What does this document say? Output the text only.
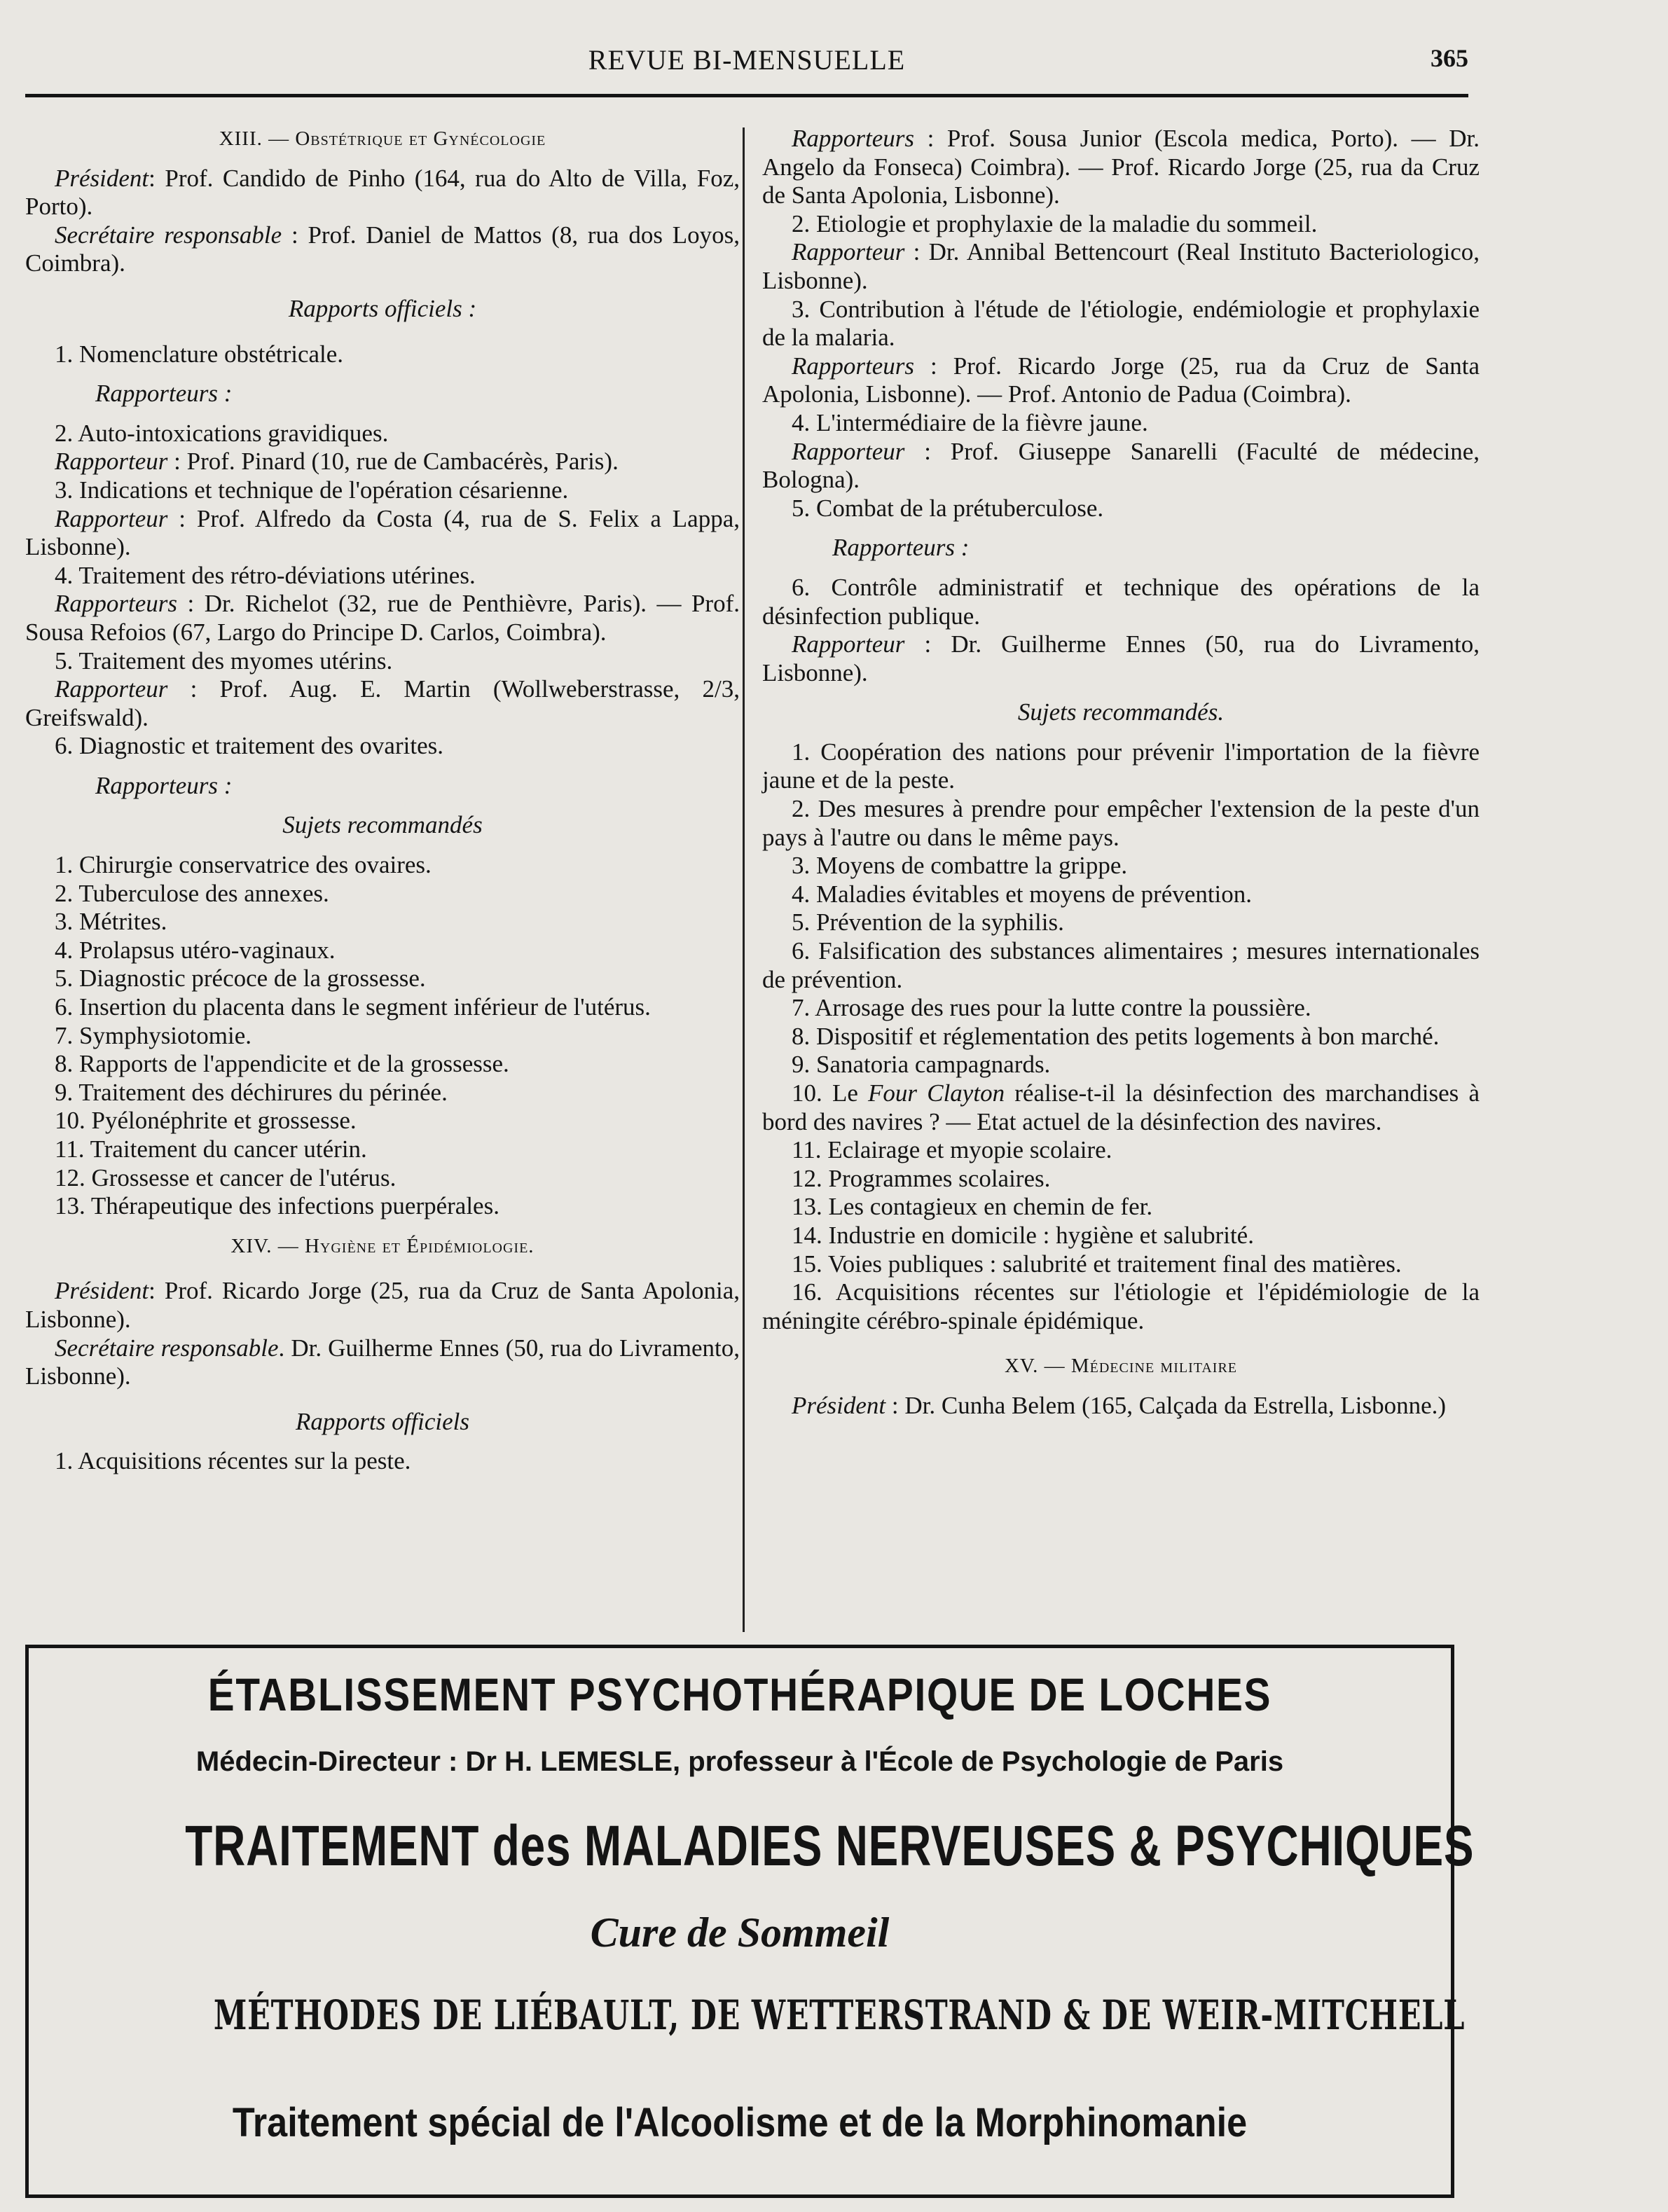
REVUE BI-MENSUELLE	365

XIII. — Obstétrique et Gynécologie

Président: Prof. Candido de Pinho (164, rua do Alto de Villa, Foz, Porto).

Secrétaire responsable : Prof. Daniel de Mattos (8, rua dos Loyos, Coimbra).

Rapports officiels :

1. Nomenclature obstétricale.

Rapporteurs :

2. Auto-intoxications gravidiques.

Rapporteur : Prof. Pinard (10, rue de Cambacérès, Paris).

3. Indications et technique de l'opération césarienne.

Rapporteur : Prof. Alfredo da Costa (4, rua de S. Felix a Lappa, Lisbonne).

4. Traitement des rétro-déviations utérines.

Rapporteurs : Dr. Richelot (32, rue de Penthièvre, Paris). — Prof. Sousa Refoios (67, Largo do Principe D. Carlos, Coimbra).

5. Traitement des myomes utérins.

Rapporteur : Prof. Aug. E. Martin (Wollweberstrasse, 2/3, Greifswald).

6. Diagnostic et traitement des ovarites.

Rapporteurs :

Sujets recommandés

1. Chirurgie conservatrice des ovaires.

2. Tuberculose des annexes.

3. Métrites.

4. Prolapsus utéro-vaginaux.

5. Diagnostic précoce de la grossesse.

6. Insertion du placenta dans le segment inférieur de l'utérus.

7. Symphysiotomie.

8. Rapports de l'appendicite et de la grossesse.

9. Traitement des déchirures du périnée.

10. Pyélonéphrite et grossesse.

11. Traitement du cancer utérin.

12. Grossesse et cancer de l'utérus.

13. Thérapeutique des infections puerpérales.

XIV. — Hygiène et Épidémiologie.

Président: Prof. Ricardo Jorge (25, rua da Cruz de Santa Apolonia, Lisbonne).

Secrétaire responsable. Dr. Guilherme Ennes (50, rua do Livramento, Lisbonne).

Rapports officiels

1. Acquisitions récentes sur la peste.

Rapporteurs : Prof. Sousa Junior (Escola medica, Porto). — Dr. Angelo da Fonseca) Coimbra). — Prof. Ricardo Jorge (25, rua da Cruz de Santa Apolonia, Lisbonne).

2. Etiologie et prophylaxie de la maladie du sommeil.

Rapporteur : Dr. Annibal Bettencourt (Real Instituto Bacteriologico, Lisbonne).

3. Contribution à l'étude de l'étiologie, endémiologie et prophylaxie de la malaria.

Rapporteurs : Prof. Ricardo Jorge (25, rua da Cruz de Santa Apolonia, Lisbonne). — Prof. Antonio de Padua (Coimbra).

4. L'intermédiaire de la fièvre jaune.

Rapporteur : Prof. Giuseppe Sanarelli (Faculté de médecine, Bologna).

5. Combat de la prétuberculose.

Rapporteurs :

6. Contrôle administratif et technique des opérations de la désinfection publique.

Rapporteur : Dr. Guilherme Ennes (50, rua do Livramento, Lisbonne).

Sujets recommandés.

1. Coopération des nations pour prévenir l'importation de la fièvre jaune et de la peste.

2. Des mesures à prendre pour empêcher l'extension de la peste d'un pays à l'autre ou dans le même pays.

3. Moyens de combattre la grippe.

4. Maladies évitables et moyens de prévention.

5. Prévention de la syphilis.

6. Falsification des substances alimentaires ; mesures internationales de prévention.

7. Arrosage des rues pour la lutte contre la poussière.

8. Dispositif et réglementation des petits logements à bon marché.

9. Sanatoria campagnards.

10. Le Four Clayton réalise-t-il la désinfection des marchandises à bord des navires ? — Etat actuel de la désinfection des navires.

11. Eclairage et myopie scolaire.

12. Programmes scolaires.

13. Les contagieux en chemin de fer.

14. Industrie en domicile : hygiène et salubrité.

15. Voies publiques : salubrité et traitement final des matières.

16. Acquisitions récentes sur l'étiologie et l'épidémiologie de la méningite cérébro-spinale épidémique.

XV. — Médecine militaire

Président : Dr. Cunha Belem (165, Calçada da Estrella, Lisbonne.)

ÉTABLISSEMENT PSYCHOTHÉRAPIQUE DE LOCHES
Médecin-Directeur : Dr H. LEMESLE, professeur à l'École de Psychologie de Paris
TRAITEMENT des MALADIES NERVEUSES & PSYCHIQUES
Cure de Sommeil
MÉTHODES DE LIÉBAULT, DE WETTERSTRAND & DE WEIR-MITCHELL
Traitement spécial de l'Alcoolisme et de la Morphinomanie
